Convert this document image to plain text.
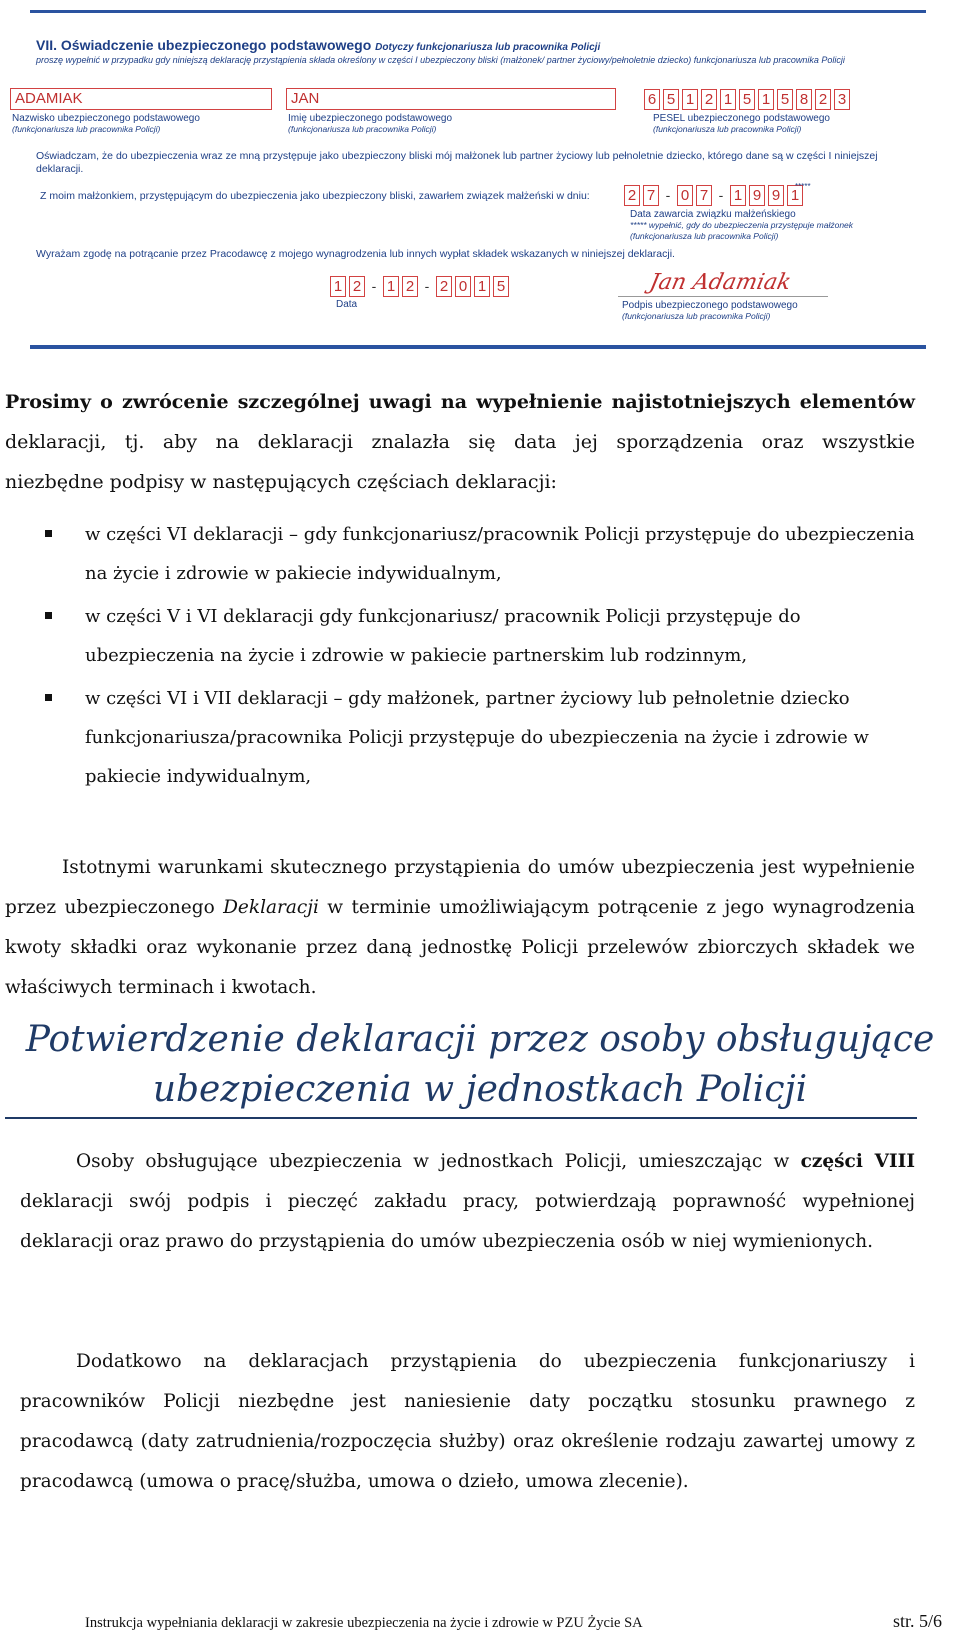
VII. Oświadczenie ubezpieczonego podstawowego Dotyczy funkcjonariusza lub pracownika Policji
proszę wypełnić w przypadku gdy niniejszą deklarację przystąpienia składa określony w części I ubezpieczony bliski (małżonek/ partner życiowy/pełnoletnie dziecko) funkcjonariusza lub pracownika Policji
ADAMIAK
Nazwisko ubezpieczonego podstawowego
(funkcjonariusza lub pracownika Policji)
JAN
Imię ubezpieczonego podstawowego
(funkcjonariusza lub pracownika Policji)
6 5 1 2 1 5 1 5 8 2 3
PESEL ubezpieczonego podstawowego
(funkcjonariusza lub pracownika Policji)
Oświadczam, że do ubezpieczenia wraz ze mną przystępuje jako ubezpieczony bliski mój małżonek lub partner życiowy lub pełnoletnie dziecko, którego dane są w części I niniejszej deklaracji.
Z moim małżonkiem, przystępującym do ubezpieczenia jako ubezpieczony bliski, zawarłem związek małżeński w dniu:	2 7 - 0 7 - 1 9 9 1
*****
Data zawarcia związku małżeńskiego
***** wypełnić, gdy do ubezpieczenia przystępuje małżonek
(funkcjonariusza lub pracownika Policji)
Wyrażam zgodę na potrącanie przez Pracodawcę z mojego wynagrodzenia lub innych wypłat składek wskazanych w niniejszej deklaracji.
1 2 - 1 2 - 2 0 1 5
Data
Jan Adamiak
Podpis ubezpieczonego podstawowego
(funkcjonariusza lub pracownika Policji)
Prosimy o zwrócenie szczególnej uwagi na wypełnienie najistotniejszych elementów
deklaracji, tj. aby na deklaracji znalazła się data jej sporządzenia oraz wszystkie
niezbędne podpisy w następujących częściach deklaracji:
w części VI deklaracji – gdy funkcjonariusz/pracownik Policji przystępuje do ubezpieczenia na życie i zdrowie w pakiecie indywidualnym,
w części V i VI deklaracji gdy funkcjonariusz/ pracownik Policji przystępuje do ubezpieczenia na życie i zdrowie w pakiecie partnerskim lub rodzinnym,
w części VI i VII deklaracji – gdy małżonek, partner życiowy lub pełnoletnie dziecko funkcjonariusza/pracownika Policji przystępuje do ubezpieczenia na życie i zdrowie w pakiecie indywidualnym,
Istotnymi warunkami skutecznego przystąpienia do umów ubezpieczenia jest wypełnienie przez ubezpieczonego Deklaracji w terminie umożliwiającym potrącenie z jego wynagrodzenia kwoty składki oraz wykonanie przez daną jednostkę Policji przelewów zbiorczych składek we właściwych terminach i kwotach.
Potwierdzenie deklaracji przez osoby obsługujące
ubezpieczenia w jednostkach Policji
Osoby obsługujące ubezpieczenia w jednostkach Policji, umieszczając w części VIII deklaracji swój podpis i pieczęć zakładu pracy, potwierdzają poprawność wypełnionej deklaracji oraz prawo do przystąpienia do umów ubezpieczenia osób w niej wymienionych.
Dodatkowo na deklaracjach przystąpienia do ubezpieczenia funkcjonariuszy i pracowników Policji niezbędne jest naniesienie daty początku stosunku prawnego z pracodawcą (daty zatrudnienia/rozpoczęcia służby) oraz określenie rodzaju zawartej umowy z pracodawcą (umowa o pracę/służba, umowa o dzieło, umowa zlecenie).
Instrukcja wypełniania deklaracji w zakresie ubezpieczenia na życie i zdrowie w PZU Życie SA	str. 5/6
